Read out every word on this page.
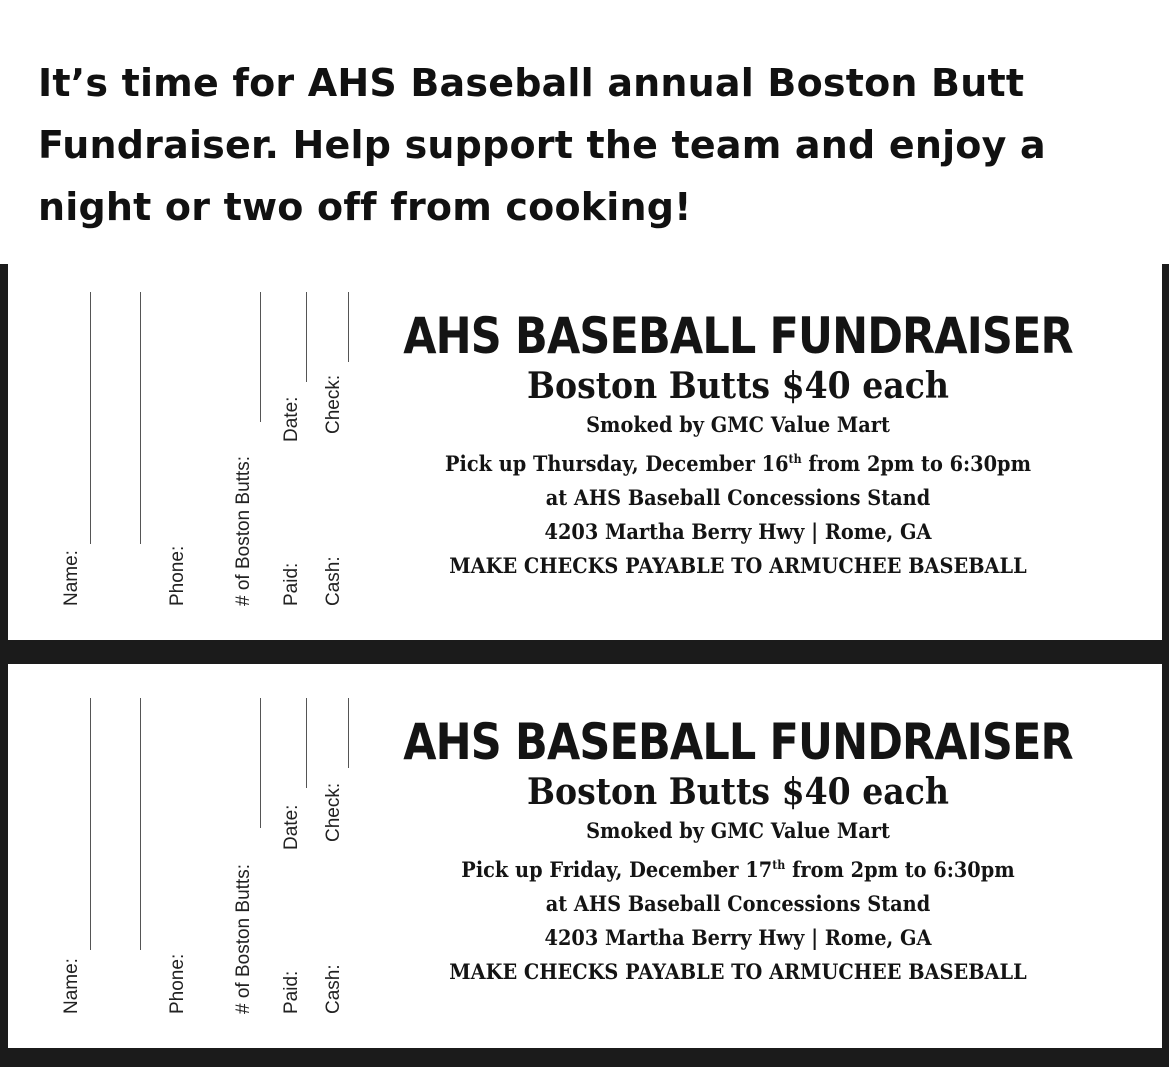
It’s time for AHS Baseball annual Boston Butt
Fundraiser. Help support the team and enjoy a
night or two off from cooking!
Name:	Phone: # of Boston Butts:
Date:
Paid:
Check:
Cash:
AHS BASEBALL FUNDRAISER
Boston Butts $40 each
Smoked by GMC Value Mart
Pick up Thursday, December 16th from 2pm to 6:30pm
at AHS Baseball Concessions Stand
4203 Martha Berry Hwy | Rome, GA
MAKE CHECKS PAYABLE TO ARMUCHEE BASEBALL
Name:	Phone: # of Boston Butts:
Date:
Paid:
Check:
Cash:
AHS BASEBALL FUNDRAISER
Boston Butts $40 each
Smoked by GMC Value Mart
Pick up Friday, December 17th from 2pm to 6:30pm
at AHS Baseball Concessions Stand
4203 Martha Berry Hwy | Rome, GA
MAKE CHECKS PAYABLE TO ARMUCHEE BASEBALL
